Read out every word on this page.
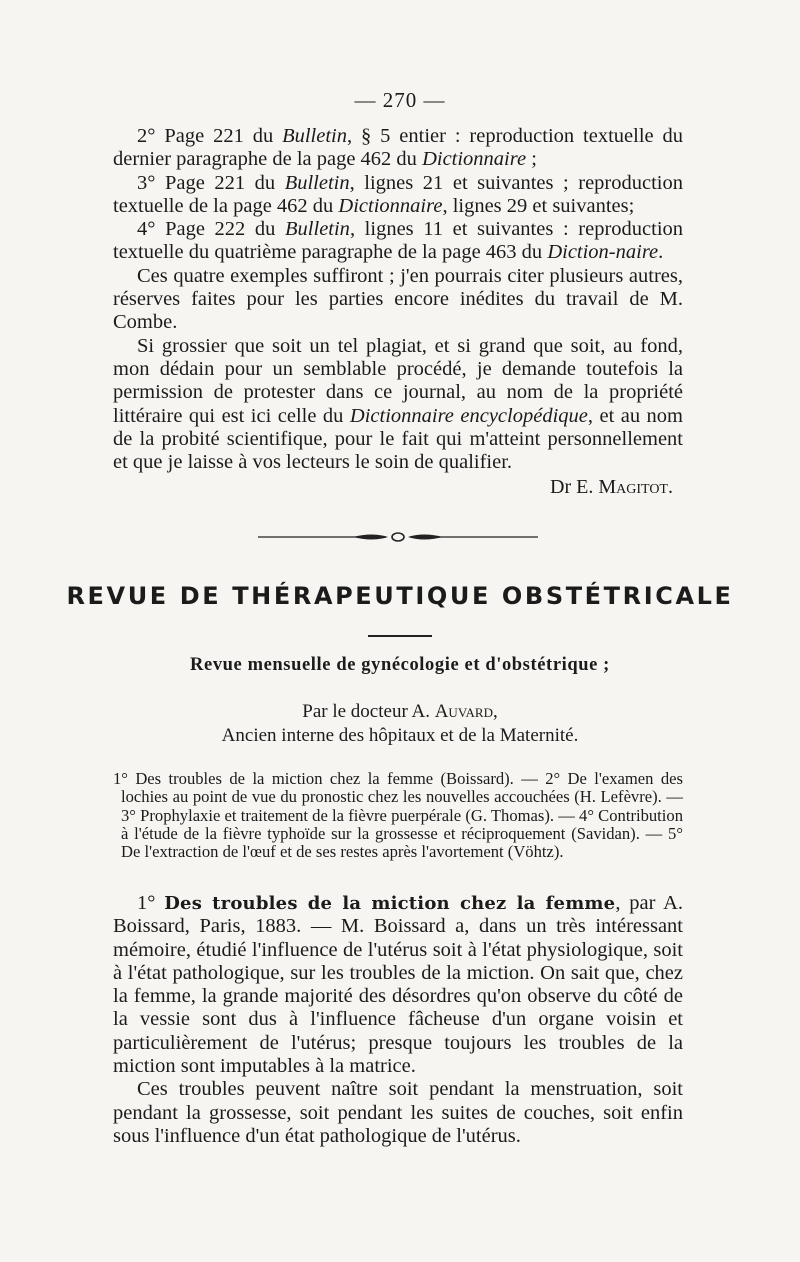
— 270 —

2° Page 221 du Bulletin, § 5 entier : reproduction textuelle du dernier paragraphe de la page 462 du Dictionnaire ;

3° Page 221 du Bulletin, lignes 21 et suivantes ; reproduction textuelle de la page 462 du Dictionnaire, lignes 29 et suivantes;

4° Page 222 du Bulletin, lignes 11 et suivantes : reproduction textuelle du quatrième paragraphe de la page 463 du Diction-naire.

Ces quatre exemples suffiront ; j'en pourrais citer plusieurs autres, réserves faites pour les parties encore inédites du travail de M. Combe.

Si grossier que soit un tel plagiat, et si grand que soit, au fond, mon dédain pour un semblable procédé, je demande toutefois la permission de protester dans ce journal, au nom de la propriété littéraire qui est ici celle du Dictionnaire encyclopédique, et au nom de la probité scientifique, pour le fait qui m'atteint personnellement et que je laisse à vos lecteurs le soin de qualifier.

Dr E. Magitot.

REVUE DE THÉRAPEUTIQUE OBSTÉTRICALE
Revue mensuelle de gynécologie et d'obstétrique ;
Par le docteur A. Auvard,
Ancien interne des hôpitaux et de la Maternité.

1° Des troubles de la miction chez la femme (Boissard). — 2° De l'examen des lochies au point de vue du pronostic chez les nouvelles accouchées (H. Lefèvre). — 3° Prophylaxie et traitement de la fièvre puerpérale (G. Thomas). — 4° Contribution à l'étude de la fièvre typhoïde sur la grossesse et réciproquement (Savidan). — 5° De l'extraction de l'œuf et de ses restes après l'avortement (Vöhtz).

1° Des troubles de la miction chez la femme, par A. Boissard, Paris, 1883. — M. Boissard a, dans un très intéressant mémoire, étudié l'influence de l'utérus soit à l'état physiologique, soit à l'état pathologique, sur les troubles de la miction. On sait que, chez la femme, la grande majorité des désordres qu'on observe du côté de la vessie sont dus à l'influence fâcheuse d'un organe voisin et particulièrement de l'utérus; presque toujours les troubles de la miction sont imputables à la matrice.

Ces troubles peuvent naître soit pendant la menstruation, soit pendant la grossesse, soit pendant les suites de couches, soit enfin sous l'influence d'un état pathologique de l'utérus.
